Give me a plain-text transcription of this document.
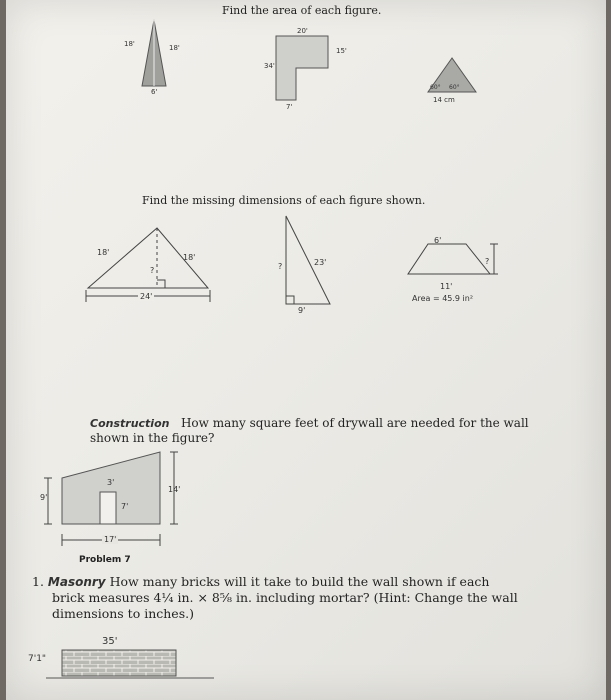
Find the area of each figure.
18'	18'
6'
20'
15'
34'
7'
60° 60°
14 cm
Find the missing dimensions of each figure shown.
18'
18'
?
24'
?	23'
9'
6'
?
11'
Area = 45.9 in²
Construction How many square feet of drywall are needed for the wall shown in the figure?
3'
7'
9'
14'
17'
Problem 7
1. Masonry How many bricks will it take to build the wall shown if each
brick measures 4¼ in. × 8⅝ in. including mortar? (Hint: Change the wall
dimensions to inches.)
35'
7'1"
